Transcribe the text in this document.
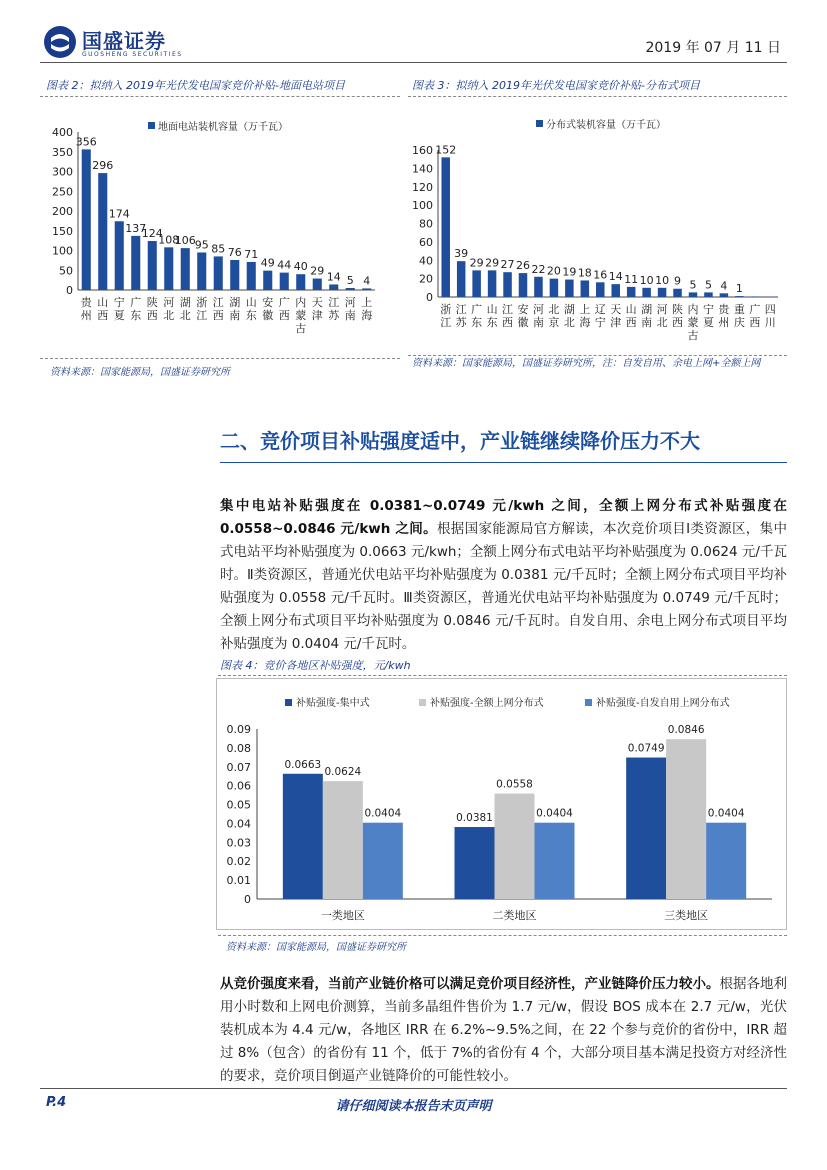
国盛证券
GUOSHENG SECURITIES	2019 年 07 月 11 日
图表 2：拟纳入 2019年光伏发电国家竞价补贴-地面电站项目	图表 3：拟纳入 2019年光伏发电国家竞价补贴-分布式项目
0
50
100
150
200
250
300
350
400	地面电站装机容量（万千瓦）
356
贵州
296
山西
174
宁夏
137
广东
124
陕西
108
河北
106
湖北
95
浙江
85
江西
76
湖南
71
山东
49
安徽
44
广西
40
内蒙古
29
天津
14
江苏
5
河南
4
上海
0
20
40
60
80
100
120
140
160
分布式装机容量（万千瓦）
152
浙江
39
江苏
29
广东
29
山东
27
江西
26
安徽
22
河南
20
北京
19
湖北
18
上海
16
辽宁
14
天津
11
山西
10
湖南
10
河北
9
陕西
5
内蒙古
5
宁夏
4
贵州
1
重庆
广西
四川
资料来源：国家能源局，国盛证券研究所
资料来源：国家能源局，国盛证券研究所，注：自发自用、余电上网+全额上网
二、竞价项目补贴强度适中，产业链继续降价压力不大
集中电站补贴强度在 0.0381~0.0749 元/kwh 之间，全额上网分布式补贴强度在 0.0558~0.0846 元/kwh 之间。根据国家能源局官方解读，本次竞价项目Ⅰ类资源区，集中式电站平均补贴强度为 0.0663 元/kwh；全额上网分布式电站平均补贴强度为 0.0624 元/千瓦时。Ⅱ类资源区，普通光伏电站平均补贴强度为 0.0381 元/千瓦时；全额上网分布式项目平均补贴强度为 0.0558 元/千瓦时。Ⅲ类资源区，普通光伏电站平均补贴强度为 0.0749 元/千瓦时；全额上网分布式项目平均补贴强度为 0.0846 元/千瓦时。自发自用、余电上网分布式项目平均补贴强度为 0.0404 元/千瓦时。
图表 4：竞价各地区补贴强度，元/kwh
0
0.01
0.02
0.03
0.04
0.05
0.06
0.07
0.08
0.09
补贴强度-集中式	补贴强度-全额上网分布式	补贴强度-自发自用上网分布式
一类地区
0.0663
0.0624
0.0404
二类地区
0.0381
0.0558
0.0404
三类地区
0.0749
0.0846
0.0404
资料来源：国家能源局，国盛证券研究所
从竞价强度来看，当前产业链价格可以满足竞价项目经济性，产业链降价压力较小。根据各地利用小时数和上网电价测算，当前多晶组件售价为 1.7 元/w，假设 BOS 成本在 2.7 元/w，光伏装机成本为 4.4 元/w，各地区 IRR 在 6.2%~9.5%之间，在 22 个参与竞价的省份中，IRR 超过 8%（包含）的省份有 11 个，低于 7%的省份有 4 个，大部分项目基本满足投资方对经济性的要求，竞价项目倒逼产业链降价的可能性较小。
P.4	请仔细阅读本报告末页声明
